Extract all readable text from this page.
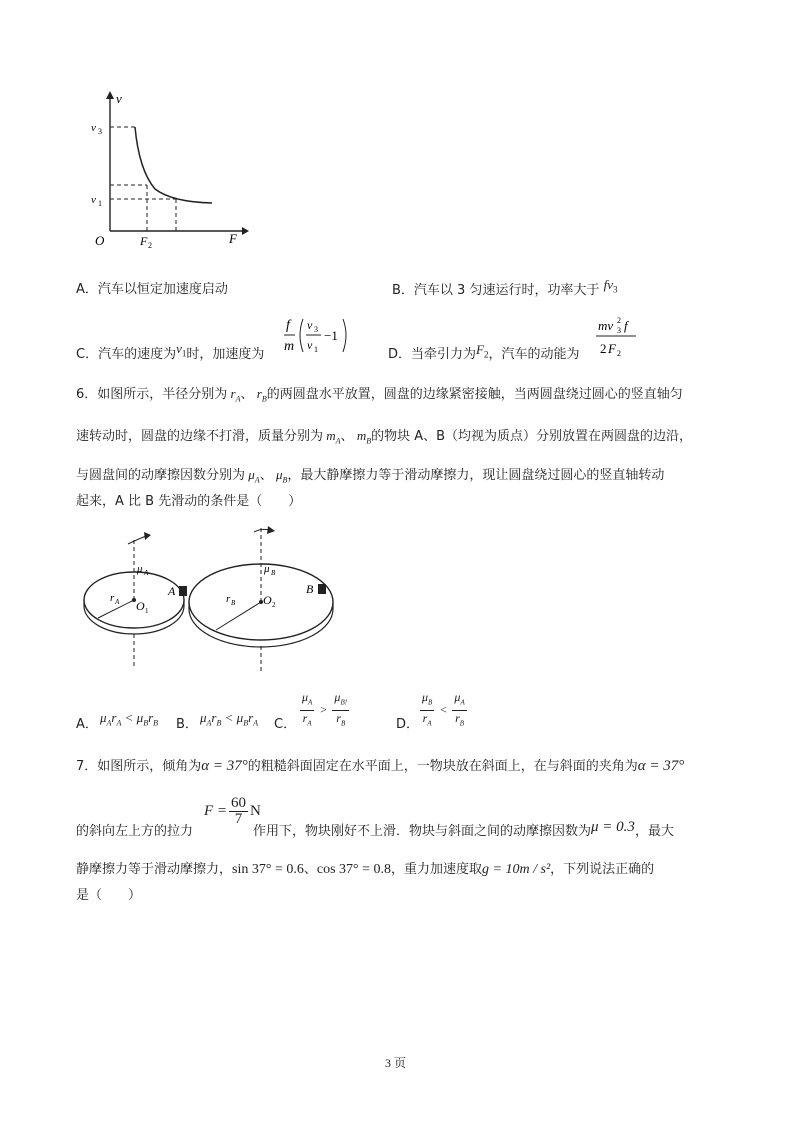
v
F
O
v 3
v 1
F 2
A．汽车以恒定加速度启动	B．汽车以 3 匀速运行时，功率大于 $fv_3$
C．汽车的速度为$v_1$时，加速度为
f
m
v 3
v 1
−1
D．当牵引力为$F_2$，汽车的动能为
mv 2
3 f
2 F 2
6．如图所示，半径分别为 $r_A$、 $r_B$的两圆盘水平放置，圆盘的边缘紧密接触，当两圆盘绕过圆心的竖直轴匀
速转动时，圆盘的边缘不打滑，质量分别为 $m_A$、 $m_B$的物块 A、B（均视为质点）分别放置在两圆盘的边沿，
与圆盘间的动摩擦因数分别为 $\mu_A$、 $\mu_B$，最大静摩擦力等于滑动摩擦力，现让圆盘绕过圆心的竖直轴转动
起来，A 比 B 先滑动的条件是（　　）
μ A	μ B
r A	r B
O 1
O 2
A	B
A． $\mu_Ar_A < \mu_Br_B$ B． $\mu_Ar_B < \mu_Br_A$ C． $\frac{\mu_A}{r_A} > \frac{\mu_{B!}}{r_B}$	D． $\frac{\mu_B}{r_A} < \frac{\mu_A}{r_B}$
7．如图所示，倾角为α = 37°的粗糙斜面固定在水平面上，一物块放在斜面上，在与斜面的夹角为α = 37°
$F = \frac{60}{7}$ N
的斜向左上方的拉力	作用下，物块刚好不上滑．物块与斜面之间的动摩擦因数为μ = 0.3，最大
静摩擦力等于滑动摩擦力，sin 37° = 0.6、cos 37° = 0.8，重力加速度取g = 10m / s²，下列说法正确的
是（　　）
3 页
